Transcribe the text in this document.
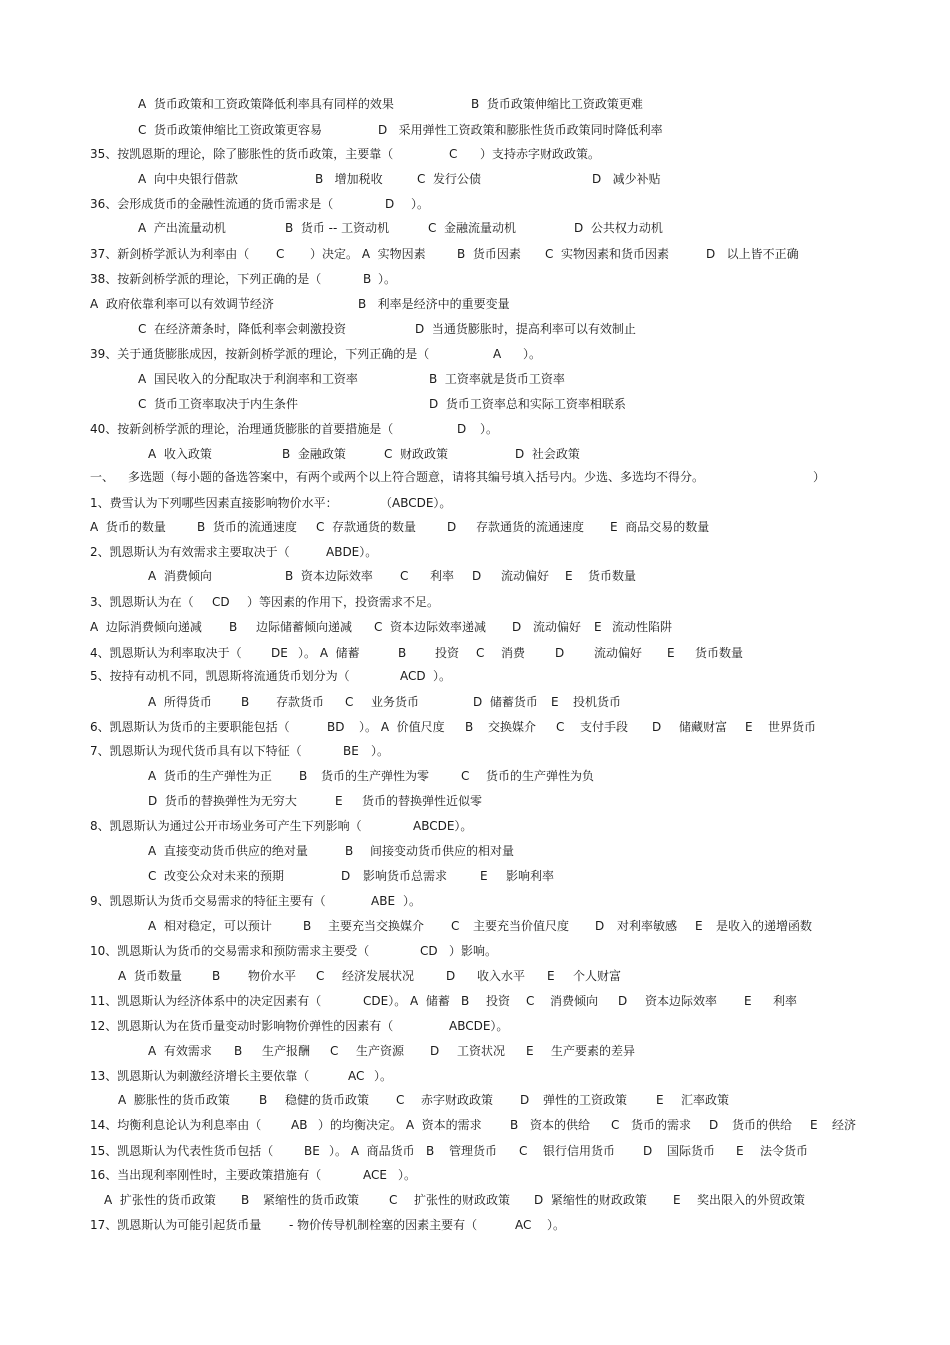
A  货币政策和工资政策降低利率具有同样的效果	B  货币政策伸缩比工资政策更难
C  货币政策伸缩比工资政策更容易	D   采用弹性工资政策和膨胀性货币政策同时降低利率
35、按凯恩斯的理论，除了膨胀性的货币政策，主要靠（	C ）支持赤字财政政策。
A  向中央银行借款	B   增加税收	C  发行公债	D   减少补贴
36、会形成货币的金融性流通的货币需求是（	D ）。
A  产出流量动机	B  货币 -- 工资动机	C  金融流量动机	D  公共权力动机
37、新剑桥学派认为利率由（ C ）决定。 A  实物因素	B  货币因素 C  实物因素和货币因素	D   以上皆不正确
38、按新剑桥学派的理论，下列正确的是（	B ）。
A  政府依靠利率可以有效调节经济	B   利率是经济中的重要变量
C  在经济萧条时，降低利率会刺激投资	D  当通货膨胀时，提高利率可以有效制止
39、关于通货膨胀成因，按新剑桥学派的理论，下列正确的是（	A ）。
A  国民收入的分配取决于利润率和工资率	B  工资率就是货币工资率
C  货币工资率取决于内生条件	D  货币工资率总和实际工资率相联系
40、按新剑桥学派的理论，治理通货膨胀的首要措施是（	D ）。
A  收入政策	B  金融政策	C  财政政策	D  社会政策
一、 多选题（每小题的备选答案中，有两个或两个以上符合题意，请将其编号填入括号内。少选、多选均不得分。	）
1、费雪认为下列哪些因素直接影响物价水平：	（ABCDE）。
A  货币的数量	B  货币的流通速度 C  存款通货的数量	D 存款通货的流通速度 E  商品交易的数量
2、凯恩斯认为有效需求主要取决于（	ABDE）。
A  消费倾向	B  资本边际效率 C 利率 D 流动偏好 E 货币数量
3、凯恩斯认为在（ CD ）等因素的作用下，投资需求不足。
A  边际消费倾向递减 B 边际储蓄倾向递减 C  资本边际效率递减 D 流动偏好 E 流动性陷阱
4、凯恩斯认为利率取决于（ DE ）。 A  储蓄	B 投资 C 消费 D 流动偏好 E 货币数量
5、按持有动机不同，凯恩斯将流通货币划分为（	ACD ）。
A  所得货币 B 存款货币 C 业务货币	D  储蓄货币 E 投机货币
6、凯恩斯认为货币的主要职能包括（	BD ）。 A  价值尺度 B 交换媒介 C 支付手段 D 储藏财富 E 世界货币
7、凯恩斯认为现代货币具有以下特征（	BE ）。
A  货币的生产弹性为正 B 货币的生产弹性为零	C 货币的生产弹性为负
D  货币的替换弹性为无穷大	E 货币的替换弹性近似零
8、凯恩斯认为通过公开市场业务可产生下列影响（	ABCDE）。
A  直接变动货币供应的绝对量	B 间接变动货币供应的相对量
C  改变公众对未来的预期	D 影响货币总需求	E 影响利率
9、凯恩斯认为货币交易需求的特征主要有（	ABE ）。
A  相对稳定，可以预计	B 主要充当交换媒介 C 主要充当价值尺度 D 对利率敏感 E 是收入的递增函数
10、凯恩斯认为货币的交易需求和预防需求主要受（	CD ）影响。
A  货币数量	B 物价水平 C 经济发展状况	D 收入水平 E 个人财富
11、凯恩斯认为经济体系中的决定因素有（	CDE）。 A  储蓄 B 投资 C 消费倾向 D 资本边际效率 E 利率
12、凯恩斯认为在货币量变动时影响物价弹性的因素有（	ABCDE）。
A  有效需求 B 生产报酬 C 生产资源 D 工资状况 E 生产要素的差异
13、凯恩斯认为刺激经济增长主要依靠（	AC ）。
A  膨胀性的货币政策 B 稳健的货币政策 C 赤字财政政策 D 弹性的工资政策 E 汇率政策
14、均衡利息论认为利息率由（ AB ）的均衡决定。 A  资本的需求 B 资本的供给 C 货币的需求 D 货币的供给 E 经济
15、凯恩斯认为代表性货币包括（	BE ）。 A  商品货币 B 管理货币 C 银行信用货币 D 国际货币 E 法令货币
16、当出现利率刚性时，主要政策措施有（	ACE ）。
A  扩张性的货币政策 B 紧缩性的货币政策 C 扩张性的财政政策 D  紧缩性的财政政策 E 奖出限入的外贸政策
17、凯恩斯认为可能引起货币量 - 物价传导机制栓塞的因素主要有（	AC ）。
